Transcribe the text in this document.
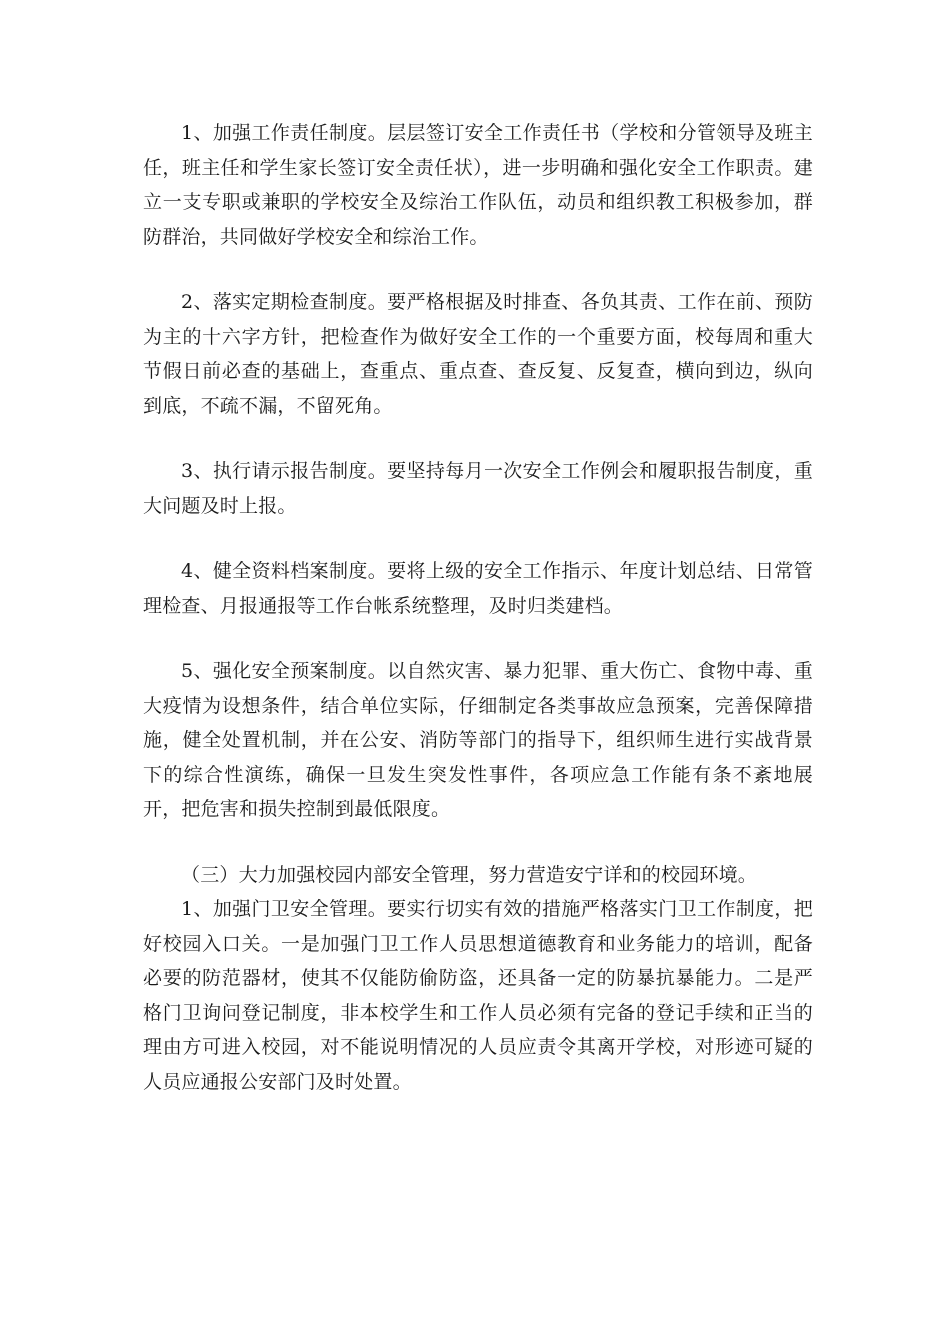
1、加强工作责任制度。层层签订安全工作责任书（学校和分管领导及班主任，班主任和学生家长签订安全责任状），进一步明确和强化安全工作职责。建立一支专职或兼职的学校安全及综治工作队伍，动员和组织教工积极参加，群防群治，共同做好学校安全和综治工作。

2、落实定期检查制度。要严格根据及时排查、各负其责、工作在前、预防为主的十六字方针，把检查作为做好安全工作的一个重要方面，校每周和重大节假日前必查的基础上，查重点、重点查、查反复、反复查，横向到边，纵向到底，不疏不漏，不留死角。

3、执行请示报告制度。要坚持每月一次安全工作例会和履职报告制度，重大问题及时上报。

4、健全资料档案制度。要将上级的安全工作指示、年度计划总结、日常管理检查、月报通报等工作台帐系统整理，及时归类建档。

5、强化安全预案制度。以自然灾害、暴力犯罪、重大伤亡、食物中毒、重大疫情为设想条件，结合单位实际，仔细制定各类事故应急预案，完善保障措施，健全处置机制，并在公安、消防等部门的指导下，组织师生进行实战背景下的综合性演练，确保一旦发生突发性事件，各项应急工作能有条不紊地展开，把危害和损失控制到最低限度。

（三）大力加强校园内部安全管理，努力营造安宁详和的校园环境。

1、加强门卫安全管理。要实行切实有效的措施严格落实门卫工作制度，把好校园入口关。一是加强门卫工作人员思想道德教育和业务能力的培训，配备必要的防范器材，使其不仅能防偷防盗，还具备一定的防暴抗暴能力。二是严格门卫询问登记制度，非本校学生和工作人员必须有完备的登记手续和正当的理由方可进入校园，对不能说明情况的人员应责令其离开学校，对形迹可疑的人员应通报公安部门及时处置。
